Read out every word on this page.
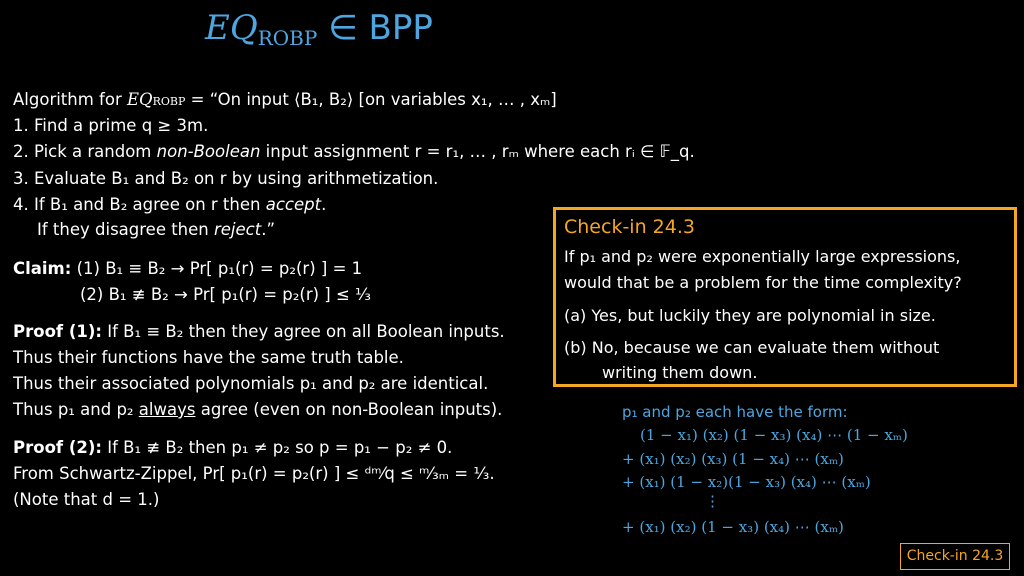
EQROBP ∈ BPP
Algorithm for EQROBP = “On input ⟨B₁, B₂⟩ [on variables x₁, … , xₘ]
1. Find a prime q ≥ 3m.
2. Pick a random non-Boolean input assignment r = r₁, … , rₘ where each rᵢ ∈ 𝔽_q.
3. Evaluate B₁ and B₂ on r by using arithmetization.
4. If B₁ and B₂ agree on r then accept.
If they disagree then reject.”
Claim: (1) B₁ ≡ B₂ → Pr[ p₁(r) = p₂(r) ] = 1
(2) B₁ ≢ B₂ → Pr[ p₁(r) = p₂(r) ] ≤ ¹⁄₃
Proof (1): If B₁ ≡ B₂ then they agree on all Boolean inputs.
Thus their functions have the same truth table.
Thus their associated polynomials p₁ and p₂ are identical.
Thus p₁ and p₂ always agree (even on non-Boolean inputs).
Proof (2): If B₁ ≢ B₂ then p₁ ≠ p₂ so p = p₁ − p₂ ≠ 0.
From Schwartz-Zippel, Pr[ p₁(r) = p₂(r) ] ≤ ᵈᵐ⁄q ≤ ᵐ⁄₃ₘ = ¹⁄₃.
(Note that d = 1.)
Check-in 24.3
If p₁ and p₂ were exponentially large expressions,
would that be a problem for the time complexity?
(a) Yes, but luckily they are polynomial in size.
(b) No, because we can evaluate them without
writing them down.
p₁ and p₂ each have the form:
(1 − x₁) (x₂) (1 − x₃) (x₄) ⋯ (1 − xₘ)
+ (x₁) (x₂) (x₃) (1 − x₄) ⋯ (xₘ)
+ (x₁) (1 − x₂)(1 − x₃) (x₄) ⋯ (xₘ)
⋮
+ (x₁) (x₂) (1 − x₃) (x₄) ⋯ (xₘ)
Check-in 24.3
